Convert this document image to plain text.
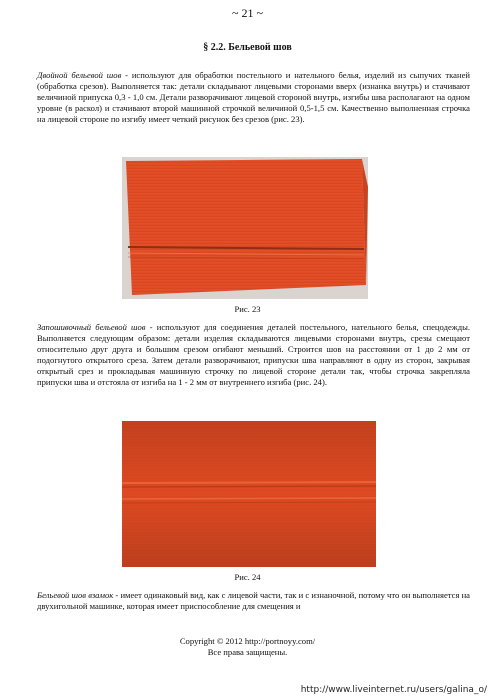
~ 21 ~
§ 2.2. Бельевой шов

Двойной бельевой шов - используют для обработки постельного и нательного белья, изделий из сыпучих тканей (обработка срезов). Выполняется так: детали складывают лицевыми сторонами вверх (изнанка внутрь) и стачивают величиной припуска 0,3 - 1,0 см. Детали разворачивают лицевой стороной внутрь, изгибы шва располагают на одном уровне (в раскол) и стачивают второй машинной строчкой величиной 0,5-1,5 см. Качественно выполненная строчка на лицевой стороне по изгибу имеет четкий рисунок без срезов (рис. 23).

Рис. 23

Запошивочный бельевой шов - используют для соединения деталей постельного, нательного белья, спецодежды. Выполняется следующим образом: детали изделия складываются лицевыми сторонами внутрь, срезы смещают относительно друг друга и большим срезом огибают меньший. Строится шов на расстоянии от 1 до 2 мм от подогнутого открытого среза. Затем детали разворачивают, припуски шва направляют в одну из сторон, закрывая открытый срез и прокладывая машинную строчку по лицевой стороне детали так, чтобы строчка закрепляла припуски шва и отстояла от изгиба на 1 - 2 мм от внутреннего изгиба (рис. 24).

Рис. 24

Бельевой шов взамок - имеет одинаковый вид, как с лицевой части, так и с изнаночной, потому что он выполняется на двухигольной машинке, которая имеет приспособление для смещения и

Copyright © 2012 http://portnoyy.com/
Все права защищены.
http://www.liveinternet.ru/users/galina_o/
